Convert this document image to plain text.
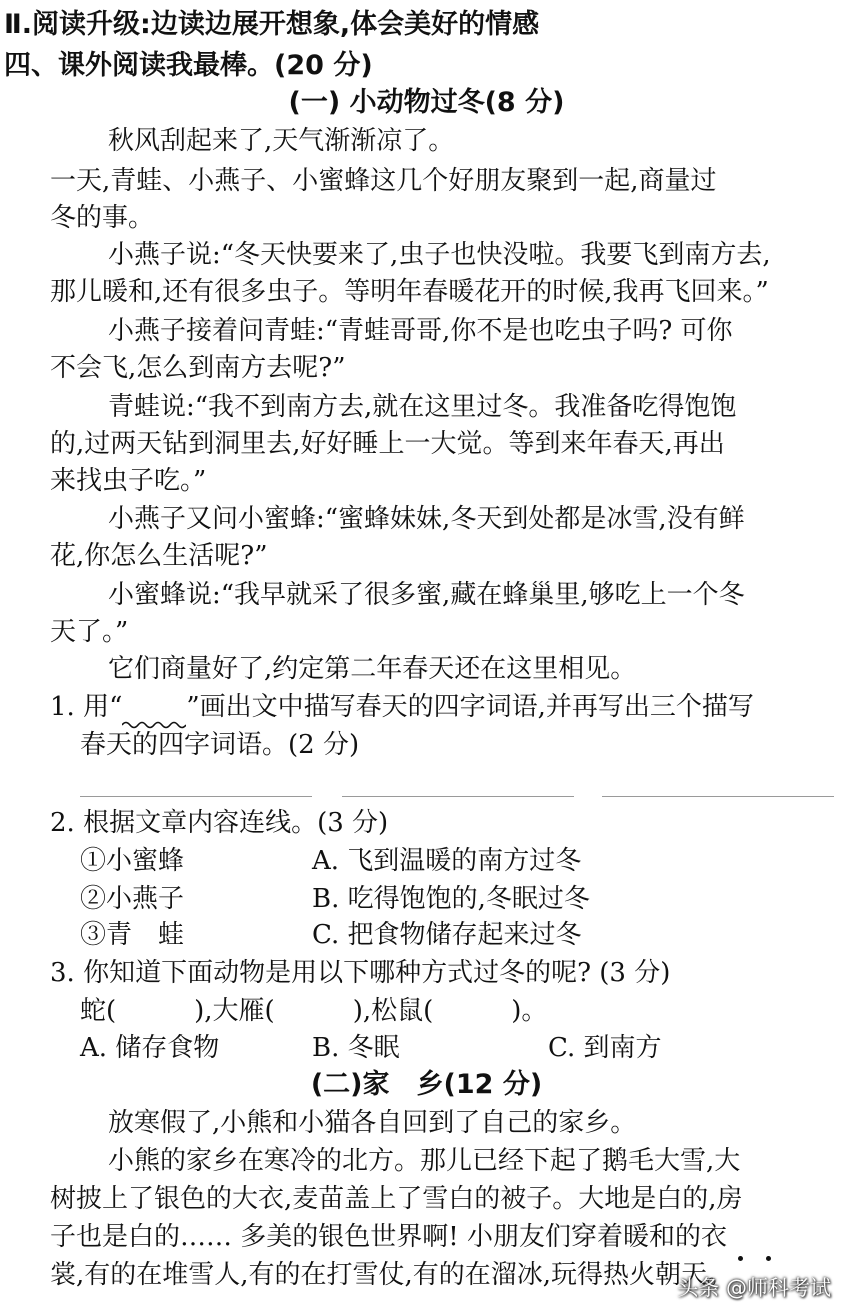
Ⅱ.阅读升级:边读边展开想象,体会美好的情感
四、课外阅读我最棒。(20 分)
(一) 小动物过冬(8 分)
秋风刮起来了,天气渐渐凉了。
一天,青蛙、小燕子、小蜜蜂这几个好朋友聚到一起,商量过
冬的事。
小燕子说:“冬天快要来了,虫子也快没啦。我要飞到南方去,
那儿暖和,还有很多虫子。等明年春暖花开的时候,我再飞回来。”
小燕子接着问青蛙:“青蛙哥哥,你不是也吃虫子吗? 可你
不会飞,怎么到南方去呢?”
青蛙说:“我不到南方去,就在这里过冬。我准备吃得饱饱
的,过两天钻到洞里去,好好睡上一大觉。等到来年春天,再出
来找虫子吃。”
小燕子又问小蜜蜂:“蜜蜂妹妹,冬天到处都是冰雪,没有鲜
花,你怎么生活呢?”
小蜜蜂说:“我早就采了很多蜜,藏在蜂巢里,够吃上一个冬
天了。”
它们商量好了,约定第二年春天还在这里相见。
1. 用“ ”画出文中描写春天的四字词语,并再写出三个描写
春天的四字词语。(2 分)
2. 根据文章内容连线。(3 分)
①小蜜蜂	A. 飞到温暖的南方过冬
②小燕子	B. 吃得饱饱的,冬眠过冬
③青　蛙	C. 把食物储存起来过冬
3. 你知道下面动物是用以下哪种方式过冬的呢? (3 分)
蛇(　　　),大雁(　　　),松鼠(　　　)。
A. 储存食物	B. 冬眠	C. 到南方
(二)家　乡(12 分)
放寒假了,小熊和小猫各自回到了自己的家乡。
小熊的家乡在寒冷的北方。那儿已经下起了鹅毛大雪,大
树披上了银色的大衣,麦苗盖上了雪白的被子。大地是白的,房
子也是白的…… 多美的银色世界啊! 小朋友们穿着暖和的衣
裳,有的在堆雪人,有的在打雪仗,有的在溜冰,玩得热火朝天。
头条 @师科考试
